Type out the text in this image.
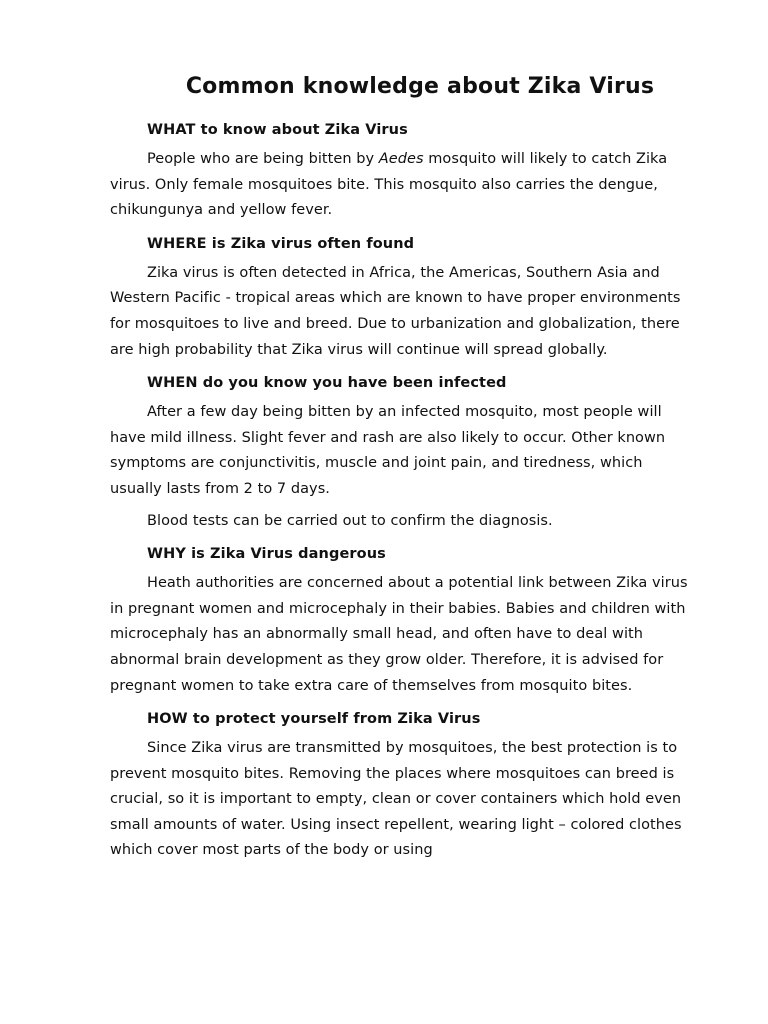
Common knowledge about Zika Virus
WHAT to know about Zika Virus

People who are being bitten by Aedes mosquito will likely to catch Zika virus. Only female mosquitoes bite. This mosquito also carries the dengue, chikungunya and yellow fever.

WHERE is Zika virus often found

Zika virus is often detected in Africa, the Americas, Southern Asia and Western Pacific - tropical areas which are known to have proper environments for mosquitoes to live and breed. Due to urbanization and globalization, there are high probability that Zika virus will continue will spread globally.

WHEN do you know you have been infected

After a few day being bitten by an infected mosquito, most people will have mild illness. Slight fever and rash are also likely to occur. Other known symptoms are conjunctivitis, muscle and joint pain, and tiredness, which usually lasts from 2 to 7 days.

Blood tests can be carried out to confirm the diagnosis.

WHY is Zika Virus dangerous

Heath authorities are concerned about a potential link between Zika virus in pregnant women and microcephaly in their babies. Babies and children with microcephaly has an abnormally small head, and often have to deal with abnormal brain development as they grow older. Therefore, it is advised for pregnant women to take extra care of themselves from mosquito bites.

HOW to protect yourself from Zika Virus

Since Zika virus are transmitted by mosquitoes, the best protection is to prevent mosquito bites. Removing the places where mosquitoes can breed is crucial, so it is important to empty, clean or cover containers which hold even small amounts of water. Using insect repellent, wearing light – colored clothes which cover most parts of the body or using
